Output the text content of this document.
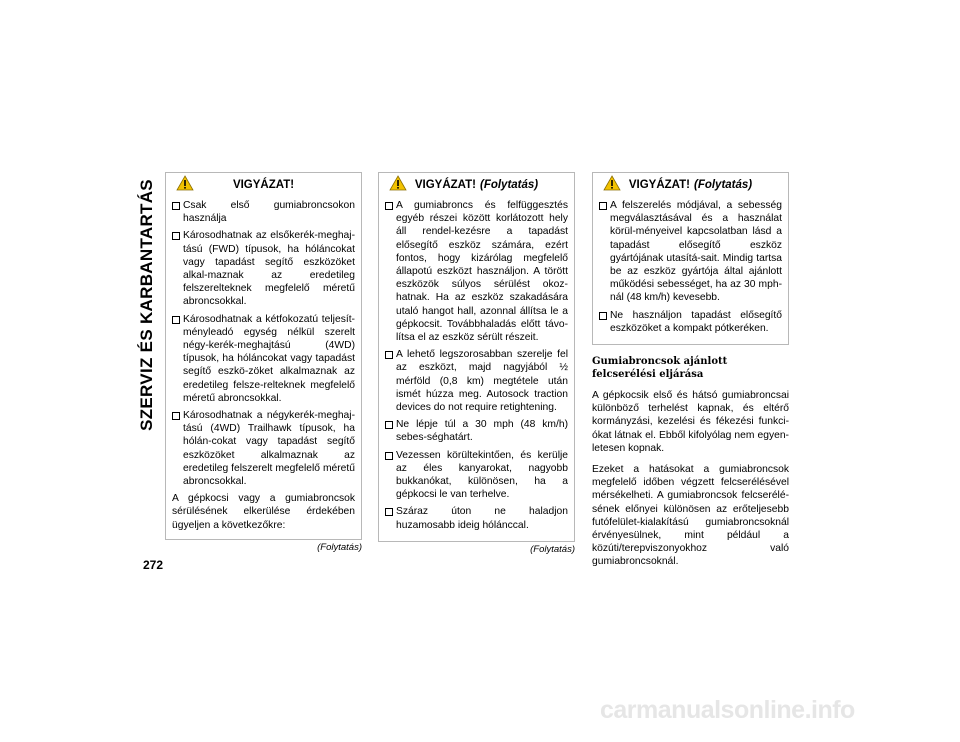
SZERVIZ ÉS KARBANTARTÁS	VIGYÁZAT!
Csak első gumiabroncsokon használja
Károsodhatnak az elsőkerék-meghaj-tású (FWD) típusok, ha hóláncokat vagy tapadást segítő eszközöket alkal-maznak az eredetileg felszerelteknek megfelelő méretű abroncsokkal.
Károsodhatnak a kétfokozatú teljesít-ményleadó egység nélkül szerelt négy-kerék-meghajtású (4WD) típusok, ha hóláncokat vagy tapadást segítő eszkö-zöket alkalmaznak az eredetileg felsze-relteknek megfelelő méretű abroncsokkal.
Károsodhatnak a négykerék-meghaj-tású (4WD) Trailhawk típusok, ha hólán-cokat vagy tapadást segítő eszközöket alkalmaznak az eredetileg felszerelt megfelelő méretű abroncsokkal.
A gépkocsi vagy a gumiabroncsok sérülésének elkerülése érdekében ügyeljen a következőkre:
(Folytatás)
VIGYÁZAT! (Folytatás)
A gumiabroncs és felfüggesztés egyéb részei között korlátozott hely áll rendel-kezésre a tapadást elősegítő eszköz számára, ezért fontos, hogy kizárólag megfelelő állapotú eszközt használjon. A törött eszközök súlyos sérülést okoz-hatnak. Ha az eszköz szakadására utaló hangot hall, azonnal állítsa le a gépkocsit. Továbbhaladás előtt távo-lítsa el az eszköz sérült részeit.
A lehető legszorosabban szerelje fel az eszközt, majd nagyjából ½ mérföld (0,8 km) megtétele után ismét húzza meg. Autosock traction devices do not require retightening.
Ne lépje túl a 30 mph (48 km/h) sebes-séghatárt.
Vezessen körültekintően, és kerülje az éles kanyarokat, nagyobb bukkanókat, különösen, ha a gépkocsi le van terhelve.
Száraz úton ne haladjon huzamosabb ideig hólánccal.
(Folytatás)
VIGYÁZAT! (Folytatás)
A felszerelés módjával, a sebesség megválasztásával és a használat körül-ményeivel kapcsolatban lásd a tapadást elősegítő eszköz gyártójának utasítá-sait. Mindig tartsa be az eszköz gyártója által ajánlott működési sebességet, ha az 30 mph-nál (48 km/h) kevesebb.
Ne használjon tapadást elősegítő eszközöket a kompakt pótkeréken.
Gumiabroncsok ajánlott felcserélési eljárása
A gépkocsik első és hátsó gumiabroncsai különböző terhelést kapnak, és eltérő kormányzási, kezelési és fékezési funkci-ókat látnak el. Ebből kifolyólag nem egyen-letesen kopnak.
Ezeket a hatásokat a gumiabroncsok megfelelő időben végzett felcserélésével mérsékelheti. A gumiabroncsok felcserélé-sének előnyei különösen az erőteljesebb futófelület-kialakítású gumiabroncsoknál érvényesülnek, mint például a közúti/terepviszonyokhoz való gumiabroncsoknál.
272
carmanualsonline.info
